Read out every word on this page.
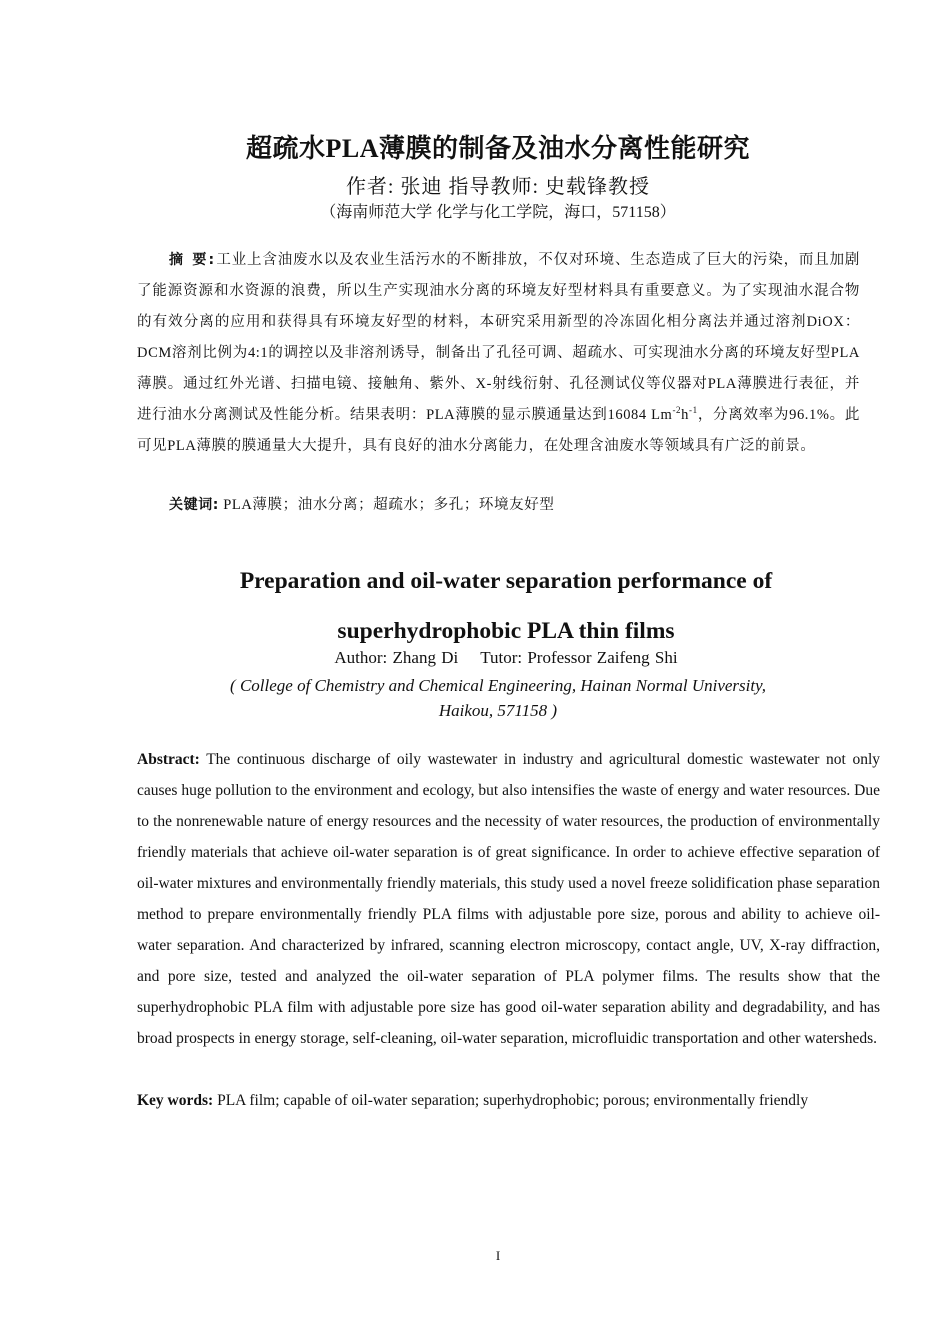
超疏水PLA薄膜的制备及油水分离性能研究
作者: 张迪 指导教师: 史载锋教授
（海南师范大学 化学与化工学院，海口，571158）
摘 要:工业上含油废水以及农业生活污水的不断排放，不仅对环境、生态造成了巨大的污染，而且加剧了能源资源和水资源的浪费，所以生产实现油水分离的环境友好型材料具有重要意义。为了实现油水混合物的有效分离的应用和获得具有环境友好型的材料，本研究采用新型的冷冻固化相分离法并通过溶剂DiOX：DCM溶剂比例为4:1的调控以及非溶剂诱导，制备出了孔径可调、超疏水、可实现油水分离的环境友好型PLA薄膜。通过红外光谱、扫描电镜、接触角、紫外、X-射线衍射、孔径测试仪等仪器对PLA薄膜进行表征，并进行油水分离测试及性能分析。结果表明：PLA薄膜的显示膜通量达到16084 $Lm^{-2}h^{-1}$，分离效率为96.1%。此可见PLA薄膜的膜通量大大提升，具有良好的油水分离能力，在处理含油废水等领域具有广泛的前景。
关键词: PLA薄膜；油水分离；超疏水；多孔；环境友好型
Preparation and oil-water separation performance of
superhydrophobic PLA thin films
Author: Zhang Di Tutor: Professor Zaifeng Shi
( College of Chemistry and Chemical Engineering, Hainan Normal University,
Haikou, 571158 )
Abstract: The continuous discharge of oily wastewater in industry and agricultural domestic wastewater not only causes huge pollution to the environment and ecology, but also intensifies the waste of energy and water resources. Due to the nonrenewable nature of energy resources and the necessity of water resources, the production of environmentally friendly materials that achieve oil-water separation is of great significance. In order to achieve effective separation of oil-water mixtures and environmentally friendly materials, this study used a novel freeze solidification phase separation method to prepare environmentally friendly PLA films with adjustable pore size, porous and ability to achieve oil-water separation. And characterized by infrared, scanning electron microscopy, contact angle, UV, X-ray diffraction, and pore size, tested and analyzed the oil-water separation of PLA polymer films. The results show that the superhydrophobic PLA film with adjustable pore size has good oil-water separation ability and degradability, and has broad prospects in energy storage, self-cleaning, oil-water separation, microfluidic transportation and other watersheds.
Key words: PLA film; capable of oil-water separation; superhydrophobic; porous; environmentally friendly
I
